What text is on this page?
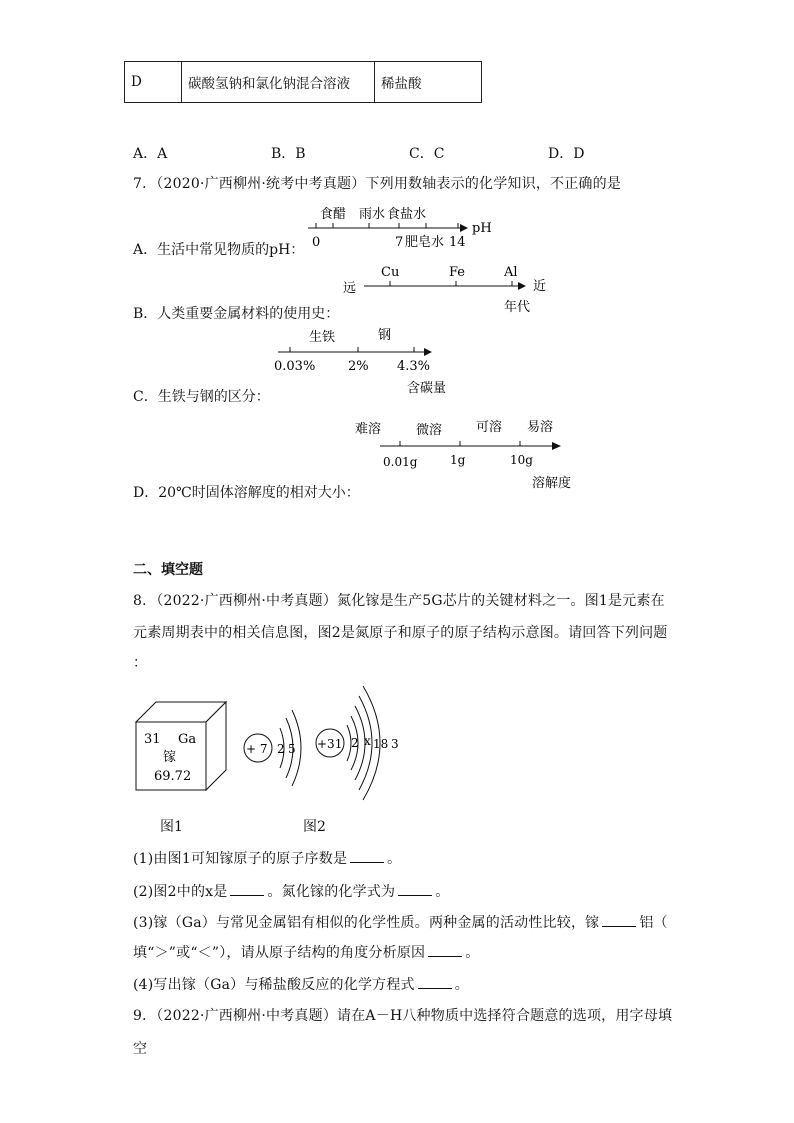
D	碳酸氢钠和氯化钠混合溶液	稀盐酸
A．A	B．B	C．C	D．D
7．（2020·广西柳州·统考中考真题）下列用数轴表示的化学知识，不正确的是
A．生活中常见物质的pH：
食醋 雨水 食盐水
0	7 肥皂水 14
pH
B．人类重要金属材料的使用史：
Cu	Fe	Al
远	近
年代
C．生铁与钢的区分：
生铁	钢
0.03%	2% 4.3%
含碳量
D．20℃时固体溶解度的相对大小：
难溶	微溶	可溶 易溶
0.01g	1g	10g
溶解度
二、填空题
8．（2022·广西柳州·中考真题）氮化镓是生产5G芯片的关键材料之一。图1是元素在
元素周期表中的相关信息图，图2是氮原子和原子的原子结构示意图。请回答下列问题
：
31 Ga
镓
69.72
+ 7 2 5 +31 2 x 18 3
图1	图2
(1)由图1可知镓原子的原子序数是	。
(2)图2中的x是	。氮化镓的化学式为	。
(3)镓（Ga）与常见金属铝有相似的化学性质。两种金属的活动性比较，镓	铝（
填“＞”或“＜”），请从原子结构的角度分析原因	。
(4)写出镓（Ga）与稀盐酸反应的化学方程式	。
9．（2022·广西柳州·中考真题）请在A－H八种物质中选择符合题意的选项，用字母填
空
